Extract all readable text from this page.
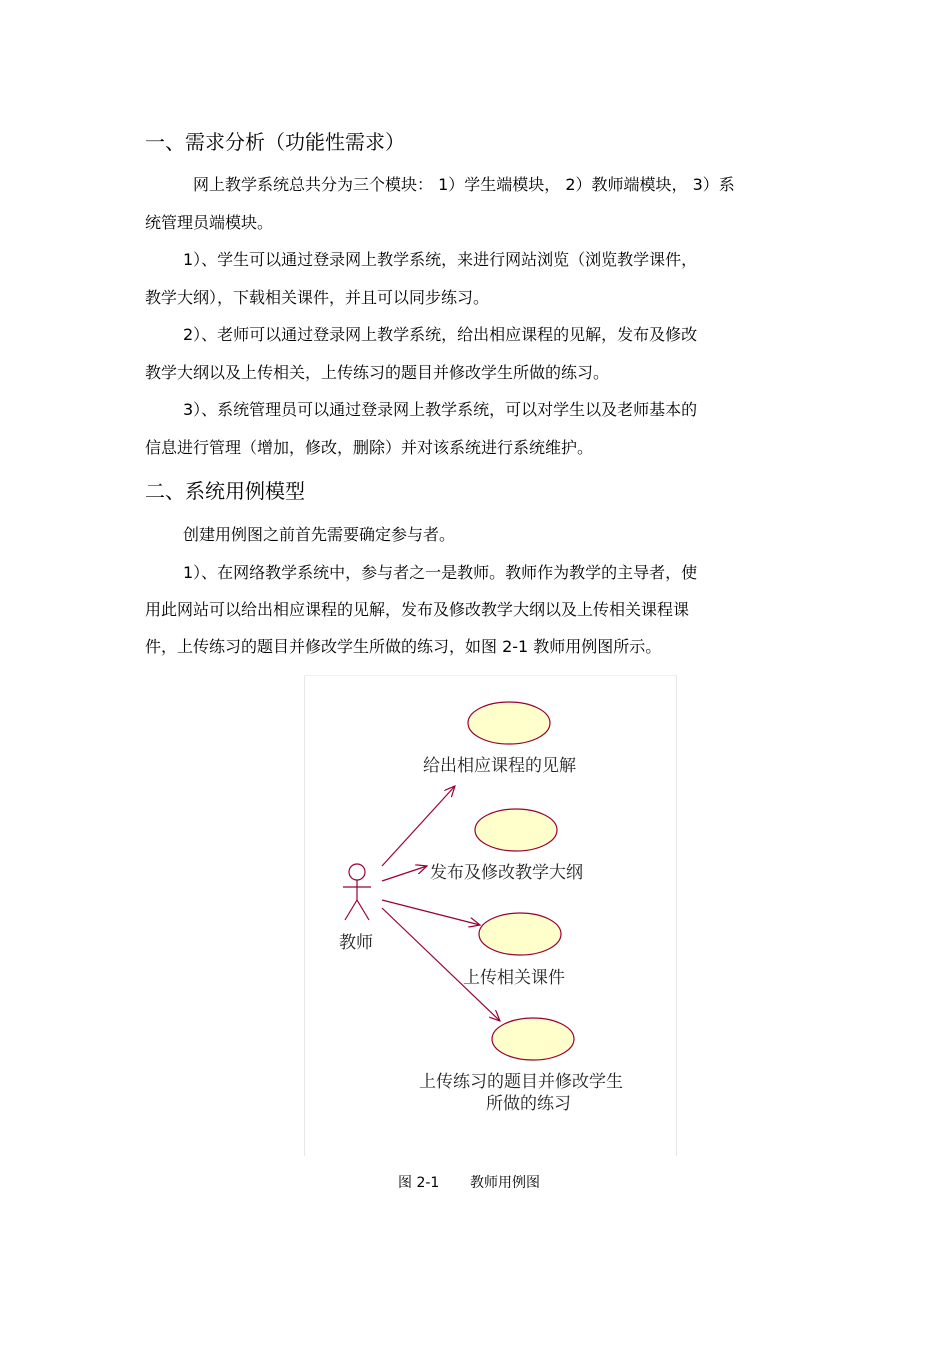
一、需求分析（功能性需求）
网上教学系统总共分为三个模块： 1）学生端模块， 2）教师端模块， 3）系
统管理员端模块。
1）、学生可以通过登录网上教学系统，来进行网站浏览（浏览教学课件，
教学大纲），下载相关课件，并且可以同步练习。
2）、老师可以通过登录网上教学系统，给出相应课程的见解，发布及修改
教学大纲以及上传相关，上传练习的题目并修改学生所做的练习。
3）、系统管理员可以通过登录网上教学系统，可以对学生以及老师基本的
信息进行管理（增加，修改，删除）并对该系统进行系统维护。
二、系统用例模型
创建用例图之前首先需要确定参与者。
1）、在网络教学系统中，参与者之一是教师。教师作为教学的主导者，使
用此网站可以给出相应课程的见解，发布及修改教学大纲以及上传相关课程课
件，上传练习的题目并修改学生所做的练习，如图 2-1 教师用例图所示。
教师
给出相应课程的见解
发布及修改教学大纲
上传相关课件
上传练习的题目并修改学生
所做的练习
图 2-1 教师用例图
